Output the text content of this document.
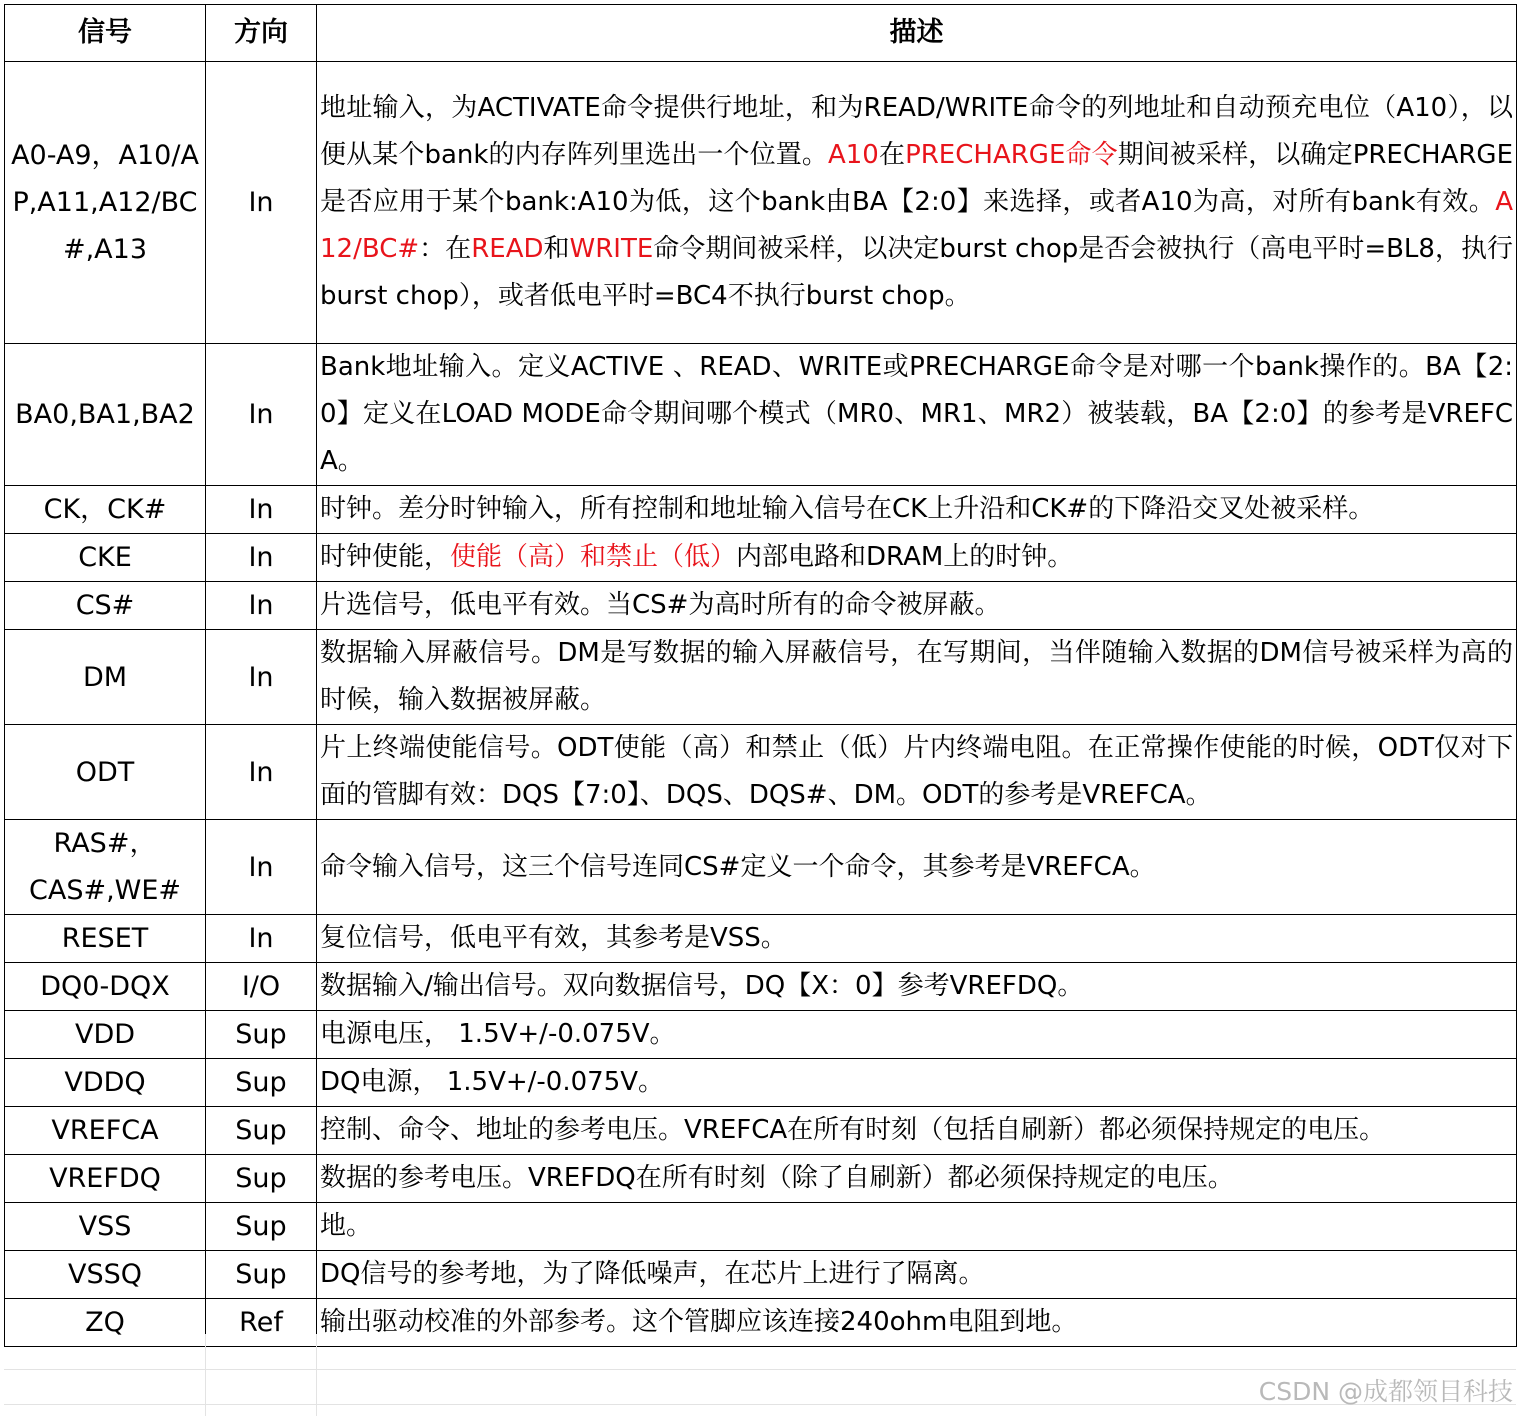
信号	方向	描述
A0-A9，A10/AP,A11,A12/BC#,A13	In	地址输入，为ACTIVATE命令提供行地址，和为READ/WRITE命令的列地址和自动预充电位（A10），以便从某个bank的内存阵列里选出一个位置。A10在PRECHARGE命令期间被采样，以确定PRECHARGE是否应用于某个bank:A10为低，这个bank由BA【2:0】来选择，或者A10为高，对所有bank有效。A12/BC#：在READ和WRITE命令期间被采样，以决定burst chop是否会被执行（高电平时=BL8，执行burst chop），或者低电平时=BC4不执行burst chop。
BA0,BA1,BA2	In	Bank地址输入。定义ACTIVE 、READ、WRITE或PRECHARGE命令是对哪一个bank操作的。BA【2:0】定义在LOAD MODE命令期间哪个模式（MR0、MR1、MR2）被装载，BA【2:0】的参考是VREFCA。
CK，CK#	In	时钟。差分时钟输入，所有控制和地址输入信号在CK上升沿和CK#的下降沿交叉处被采样。
CKE	In	时钟使能，使能（高）和禁止（低）内部电路和DRAM上的时钟。
CS#	In	片选信号，低电平有效。当CS#为高时所有的命令被屏蔽。
DM	In	数据输入屏蔽信号。DM是写数据的输入屏蔽信号，在写期间，当伴随输入数据的DM信号被采样为高的时候，输入数据被屏蔽。
ODT	In	片上终端使能信号。ODT使能（高）和禁止（低）片内终端电阻。在正常操作使能的时候，ODT仅对下面的管脚有效：DQS【7:0】、DQS、DQS#、DM。ODT的参考是VREFCA。
RAS#，CAS#,WE#	In	命令输入信号，这三个信号连同CS#定义一个命令，其参考是VREFCA。
RESET	In	复位信号，低电平有效，其参考是VSS。
DQ0-DQX	I/O	数据输入/输出信号。双向数据信号，DQ【X：0】参考VREFDQ。
VDD	Sup	电源电压， 1.5V+/-0.075V。
VDDQ	Sup	DQ电源， 1.5V+/-0.075V。
VREFCA	Sup	控制、命令、地址的参考电压。VREFCA在所有时刻（包括自刷新）都必须保持规定的电压。
VREFDQ	Sup	数据的参考电压。VREFDQ在所有时刻（除了自刷新）都必须保持规定的电压。
VSS	Sup	地。
VSSQ	Sup	DQ信号的参考地，为了降低噪声，在芯片上进行了隔离。
ZQ	Ref	输出驱动校准的外部参考。这个管脚应该连接240ohm电阻到地。
CSDN @成都领目科技
